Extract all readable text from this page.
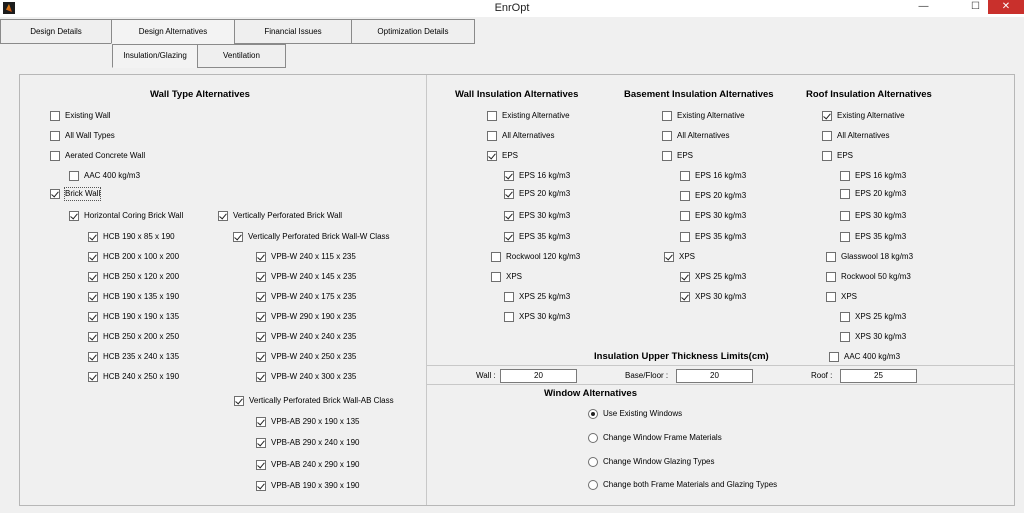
EnrOpt	—	☐	✕
Design Details	Design Alternatives	Financial Issues	Optimization Details
Insulation/Glazing	Ventilation
Wall Type Alternatives
Existing Wall
All Wall Types
Aerated Concrete Wall
AAC 400 kg/m3
Brick Wall
Horizontal Coring Brick Wall	Vertically Perforated Brick Wall
Vertically Perforated Brick Wall-W Class
HCB 190 x 85 x 190
HCB 200 x 100 x 200
HCB 250 x 120 x 200
HCB 190 x 135 x 190
HCB 190 x 190 x 135
HCB 250 x 200 x 250
HCB 235 x 240 x 135
HCB 240 x 250 x 190
VPB-W 240 x 115 x 235
VPB-W 240 x 145 x 235
VPB-W 240 x 175 x 235
VPB-W 290 x 190 x 235
VPB-W 240 x 240 x 235
VPB-W 240 x 250 x 235
VPB-W 240 x 300 x 235
Vertically Perforated Brick Wall-AB Class
VPB-AB 290 x 190 x 135
VPB-AB 290 x 240 x 190
VPB-AB 240 x 290 x 190
VPB-AB 190 x 390 x 190
Wall Insulation Alternatives
Existing Alternative
All Alternatives
EPS
EPS 16 kg/m3
EPS 20 kg/m3
EPS 30 kg/m3
EPS 35 kg/m3
Rockwool 120 kg/m3
XPS
XPS 25 kg/m3
XPS 30 kg/m3
Basement Insulation Alternatives
Existing Alternative
All Alternatives
EPS
EPS 16 kg/m3
EPS 20 kg/m3
EPS 30 kg/m3
EPS 35 kg/m3
XPS
XPS 25 kg/m3
XPS 30 kg/m3
Roof Insulation Alternatives
Existing Alternative
All Alternatives
EPS
EPS 16 kg/m3
EPS 20 kg/m3
EPS 30 kg/m3
EPS 35 kg/m3
Glasswool 18 kg/m3
Rockwool 50 kg/m3
XPS
XPS 25 kg/m3
XPS 30 kg/m3
AAC 400 kg/m3
Insulation Upper Thickness Limits(cm)
Wall :	20	Base/Floor :	20	Roof :	25
Window Alternatives
Use Existing Windows
Change Window Frame Materials
Change Window Glazing Types
Change both Frame Materials and Glazing Types
